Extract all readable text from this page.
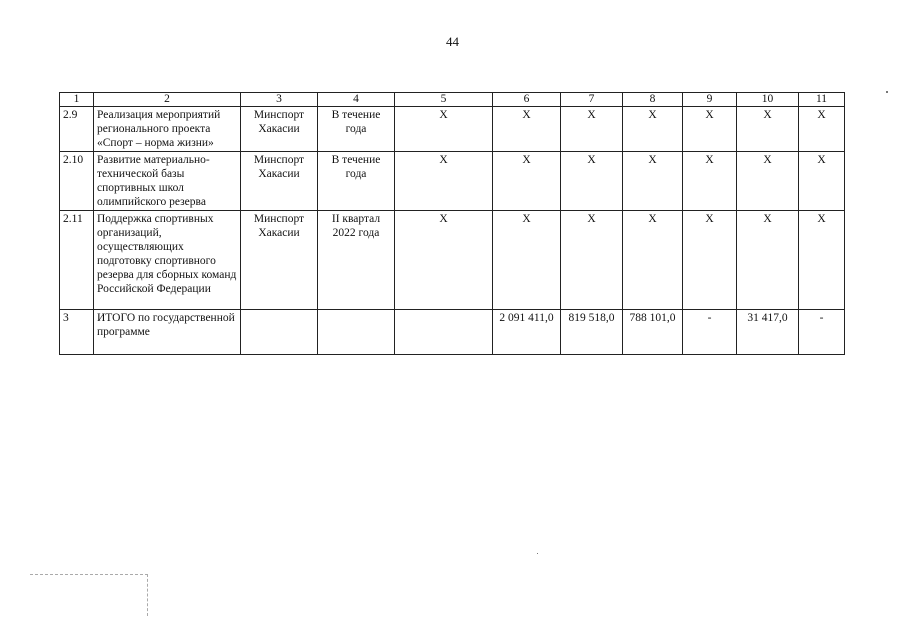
44
1	2	3	4	5	6	7	8	9	10	11
2.9	Реализация мероприятий регионального проекта «Спорт – норма жизни»	Минспорт Хакасии	В течение года	X	X	X	X	X	X	X
2.10	Развитие материально-технической базы спортивных школ олимпийского резерва	Минспорт Хакасии	В течение года	X	X	X	X	X	X	X
2.11	Поддержка спортивных организаций, осуществляющих подготовку спортивного резерва для сборных команд Российской Федерации	Минспорт Хакасии	II квартал 2022 года	X	X	X	X	X	X	X
3	ИТОГО по государственной программе				2 091 411,0	819 518,0	788 101,0	-	31 417,0	-
